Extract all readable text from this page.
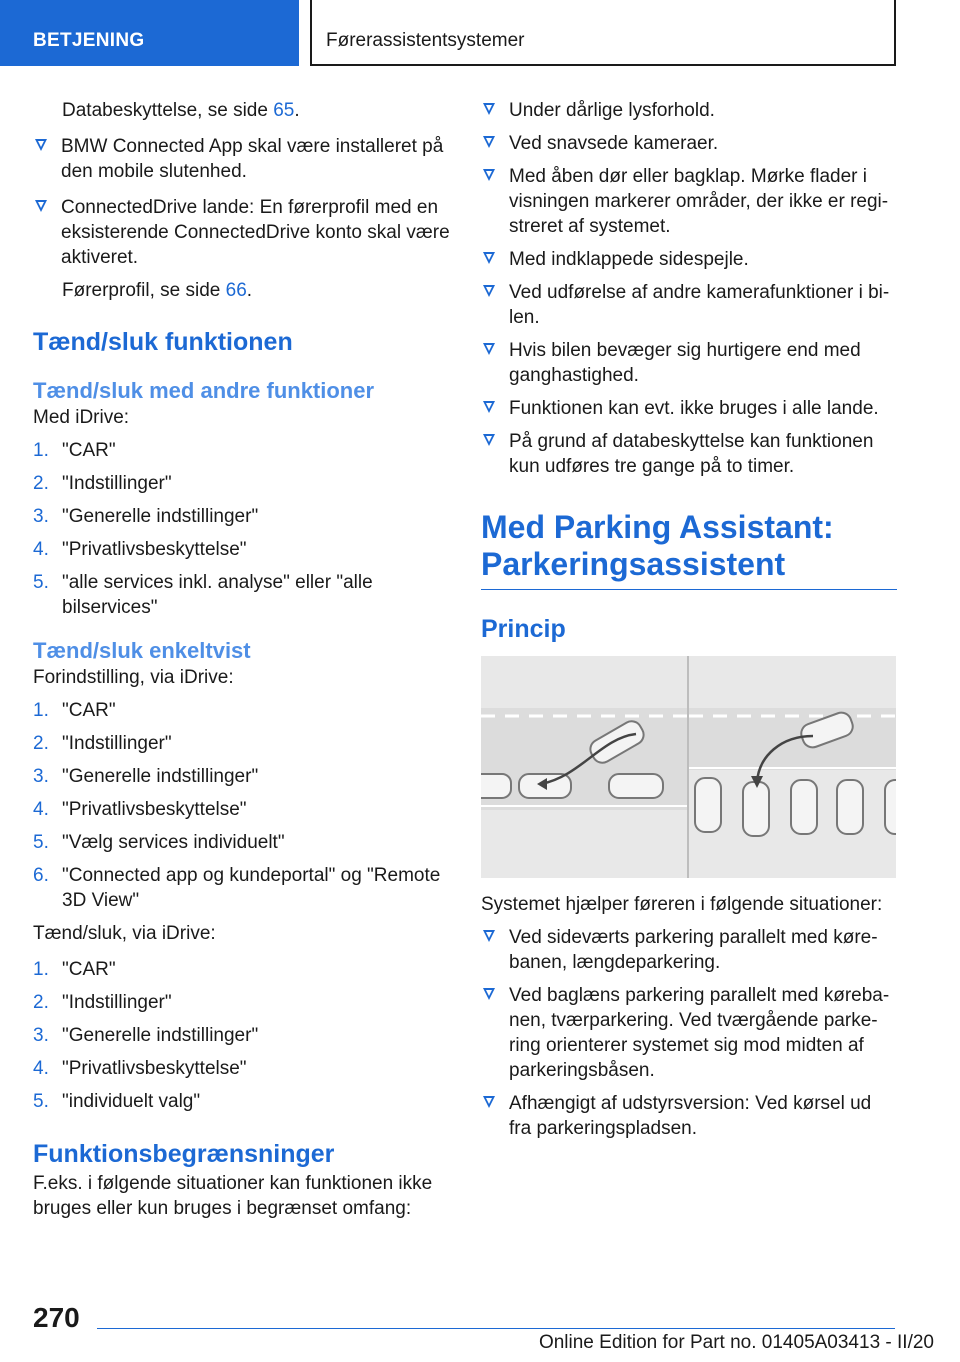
BETJENING	Førerassistentsystemer

Databeskyttelse, se side 65.

BMW Connected App skal være installeret på den mobile slutenhed.
ConnectedDrive lande: En førerprofil med en eksisterende ConnectedDrive konto skal være aktiveret.

Førerprofil, se side 66.

Tænd/sluk funktionen
Tænd/sluk med andre funktioner

Med iDrive:

1. "CAR"
2. "Indstillinger"
3. "Generelle indstillinger"
4. "Privatlivsbeskyttelse"
5. "alle services inkl. analyse" eller "alle bilservices"
Tænd/sluk enkeltvist

Forindstilling, via iDrive:

1. "CAR"
2. "Indstillinger"
3. "Generelle indstillinger"
4. "Privatlivsbeskyttelse"
5. "Vælg services individuelt"
6. "Connected app og kundeportal" og "Remote 3D View"

Tænd/sluk, via iDrive:

1. "CAR"
2. "Indstillinger"
3. "Generelle indstillinger"
4. "Privatlivsbeskyttelse"
5. "individuelt valg"
Funktionsbegrænsninger

F.eks. i følgende situationer kan funktionen ikke bruges eller kun bruges i begrænset omfang:

Under dårlige lysforhold.
Ved snavsede kameraer.
Med åben dør eller bagklap. Mørke flader i visningen markerer områder, der ikke er regi-streret af systemet.
Med indklappede sidespejle.
Ved udførelse af andre kamerafunktioner i bi-len.
Hvis bilen bevæger sig hurtigere end med ganghastighed.
Funktionen kan evt. ikke bruges i alle lande.
På grund af databeskyttelse kan funktionen kun udføres tre gange på to timer.
Med Parking Assistant: Parkeringsassistent
Princip

Systemet hjælper føreren i følgende situationer:

Ved sideværts parkering parallelt med køre-banen, længdeparkering.
Ved baglæns parkering parallelt med køreba-nen, tværparkering. Ved tværgående parke-ring orienterer systemet sig mod midten af parkeringsbåsen.
Afhængigt af udstyrsversion: Ved kørsel ud fra parkeringspladsen.
270
Online Edition for Part no. 01405A03413 - II/20
